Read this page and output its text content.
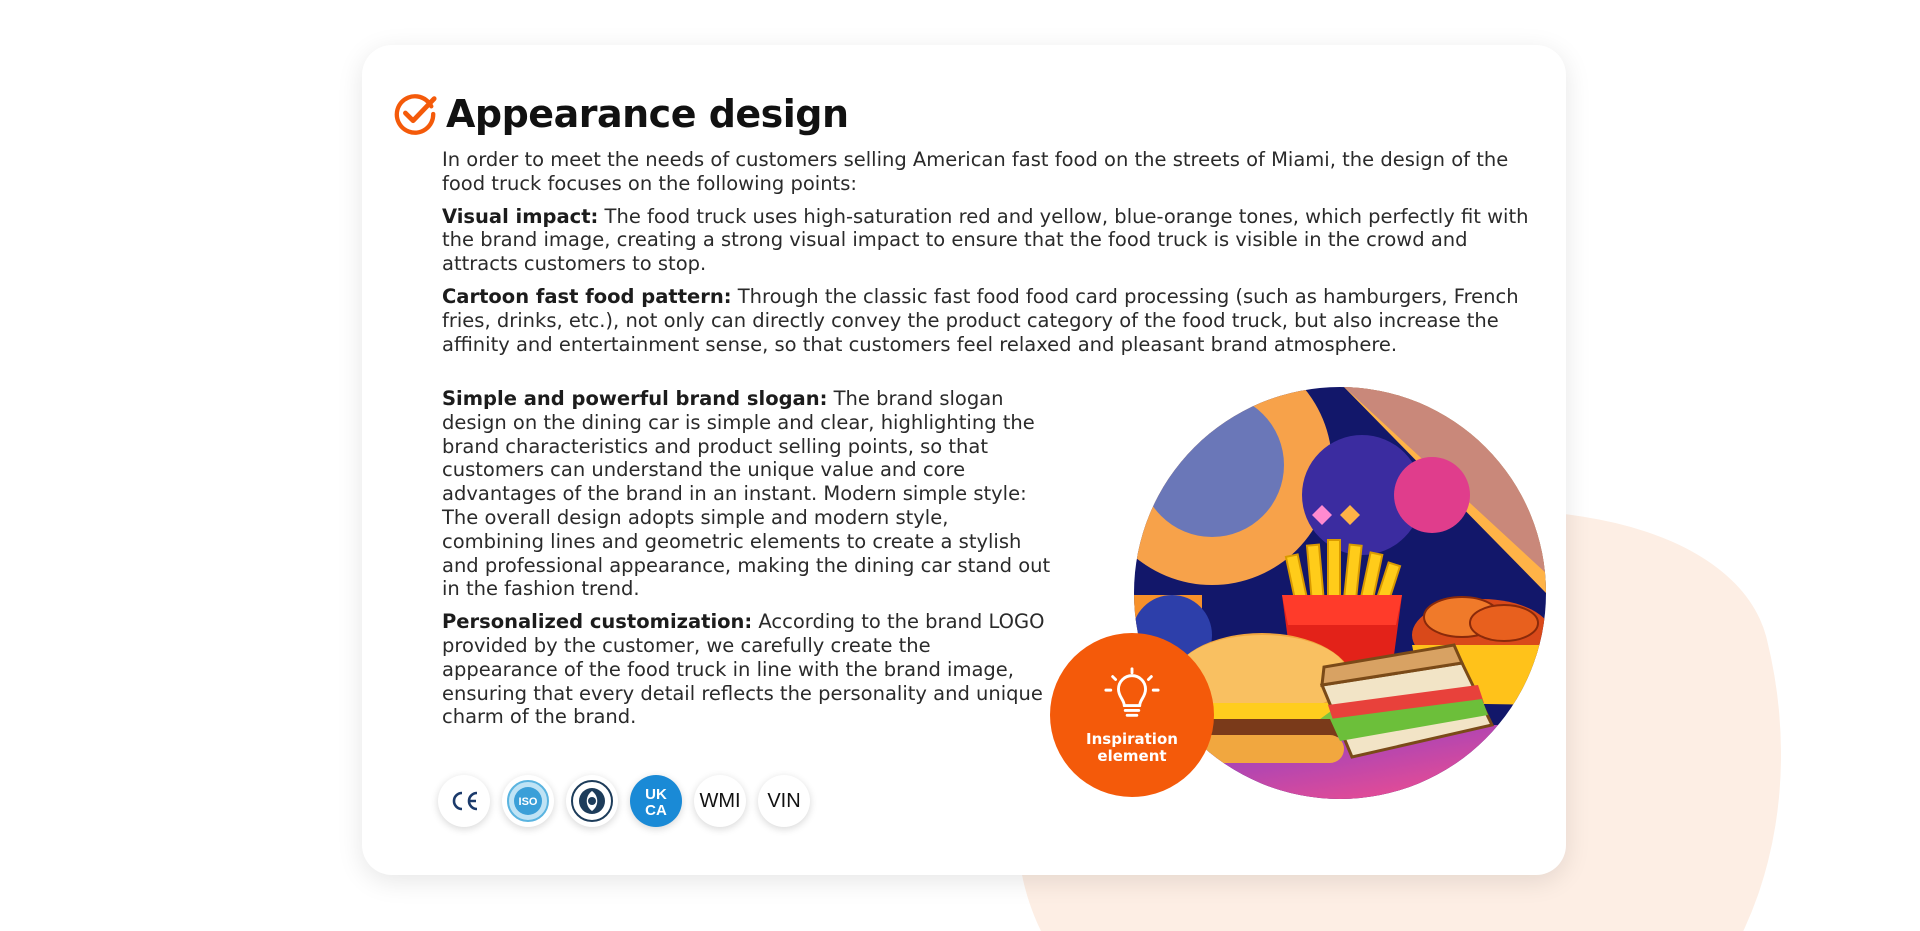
Appearance design

In order to meet the needs of customers selling American fast food on the streets of Miami, the design of the food truck focuses on the following points:

Visual impact: The food truck uses high-saturation red and yellow, blue-orange tones, which perfectly fit with the brand image, creating a strong visual impact to ensure that the food truck is visible in the crowd and attracts customers to stop.

Cartoon fast food pattern: Through the classic fast food food card processing (such as hamburgers, French fries, drinks, etc.), not only can directly convey the product category of the food truck, but also increase the affinity and entertainment sense, so that customers feel relaxed and pleasant brand atmosphere.

Simple and powerful brand slogan: The brand slogan design on the dining car is simple and clear, highlighting the brand characteristics and product selling points, so that customers can understand the unique value and core advantages of the brand in an instant. Modern simple style: The overall design adopts simple and modern style, combining lines and geometric elements to create a stylish and professional appearance, making the dining car stand out in the fashion trend.

Personalized customization: According to the brand LOGO provided by the customer, we carefully create the appearance of the food truck in line with the brand image, ensuring that every detail reflects the personality and unique charm of the brand.

Inspiration element
ISO	UK
CA WMI	VIN
